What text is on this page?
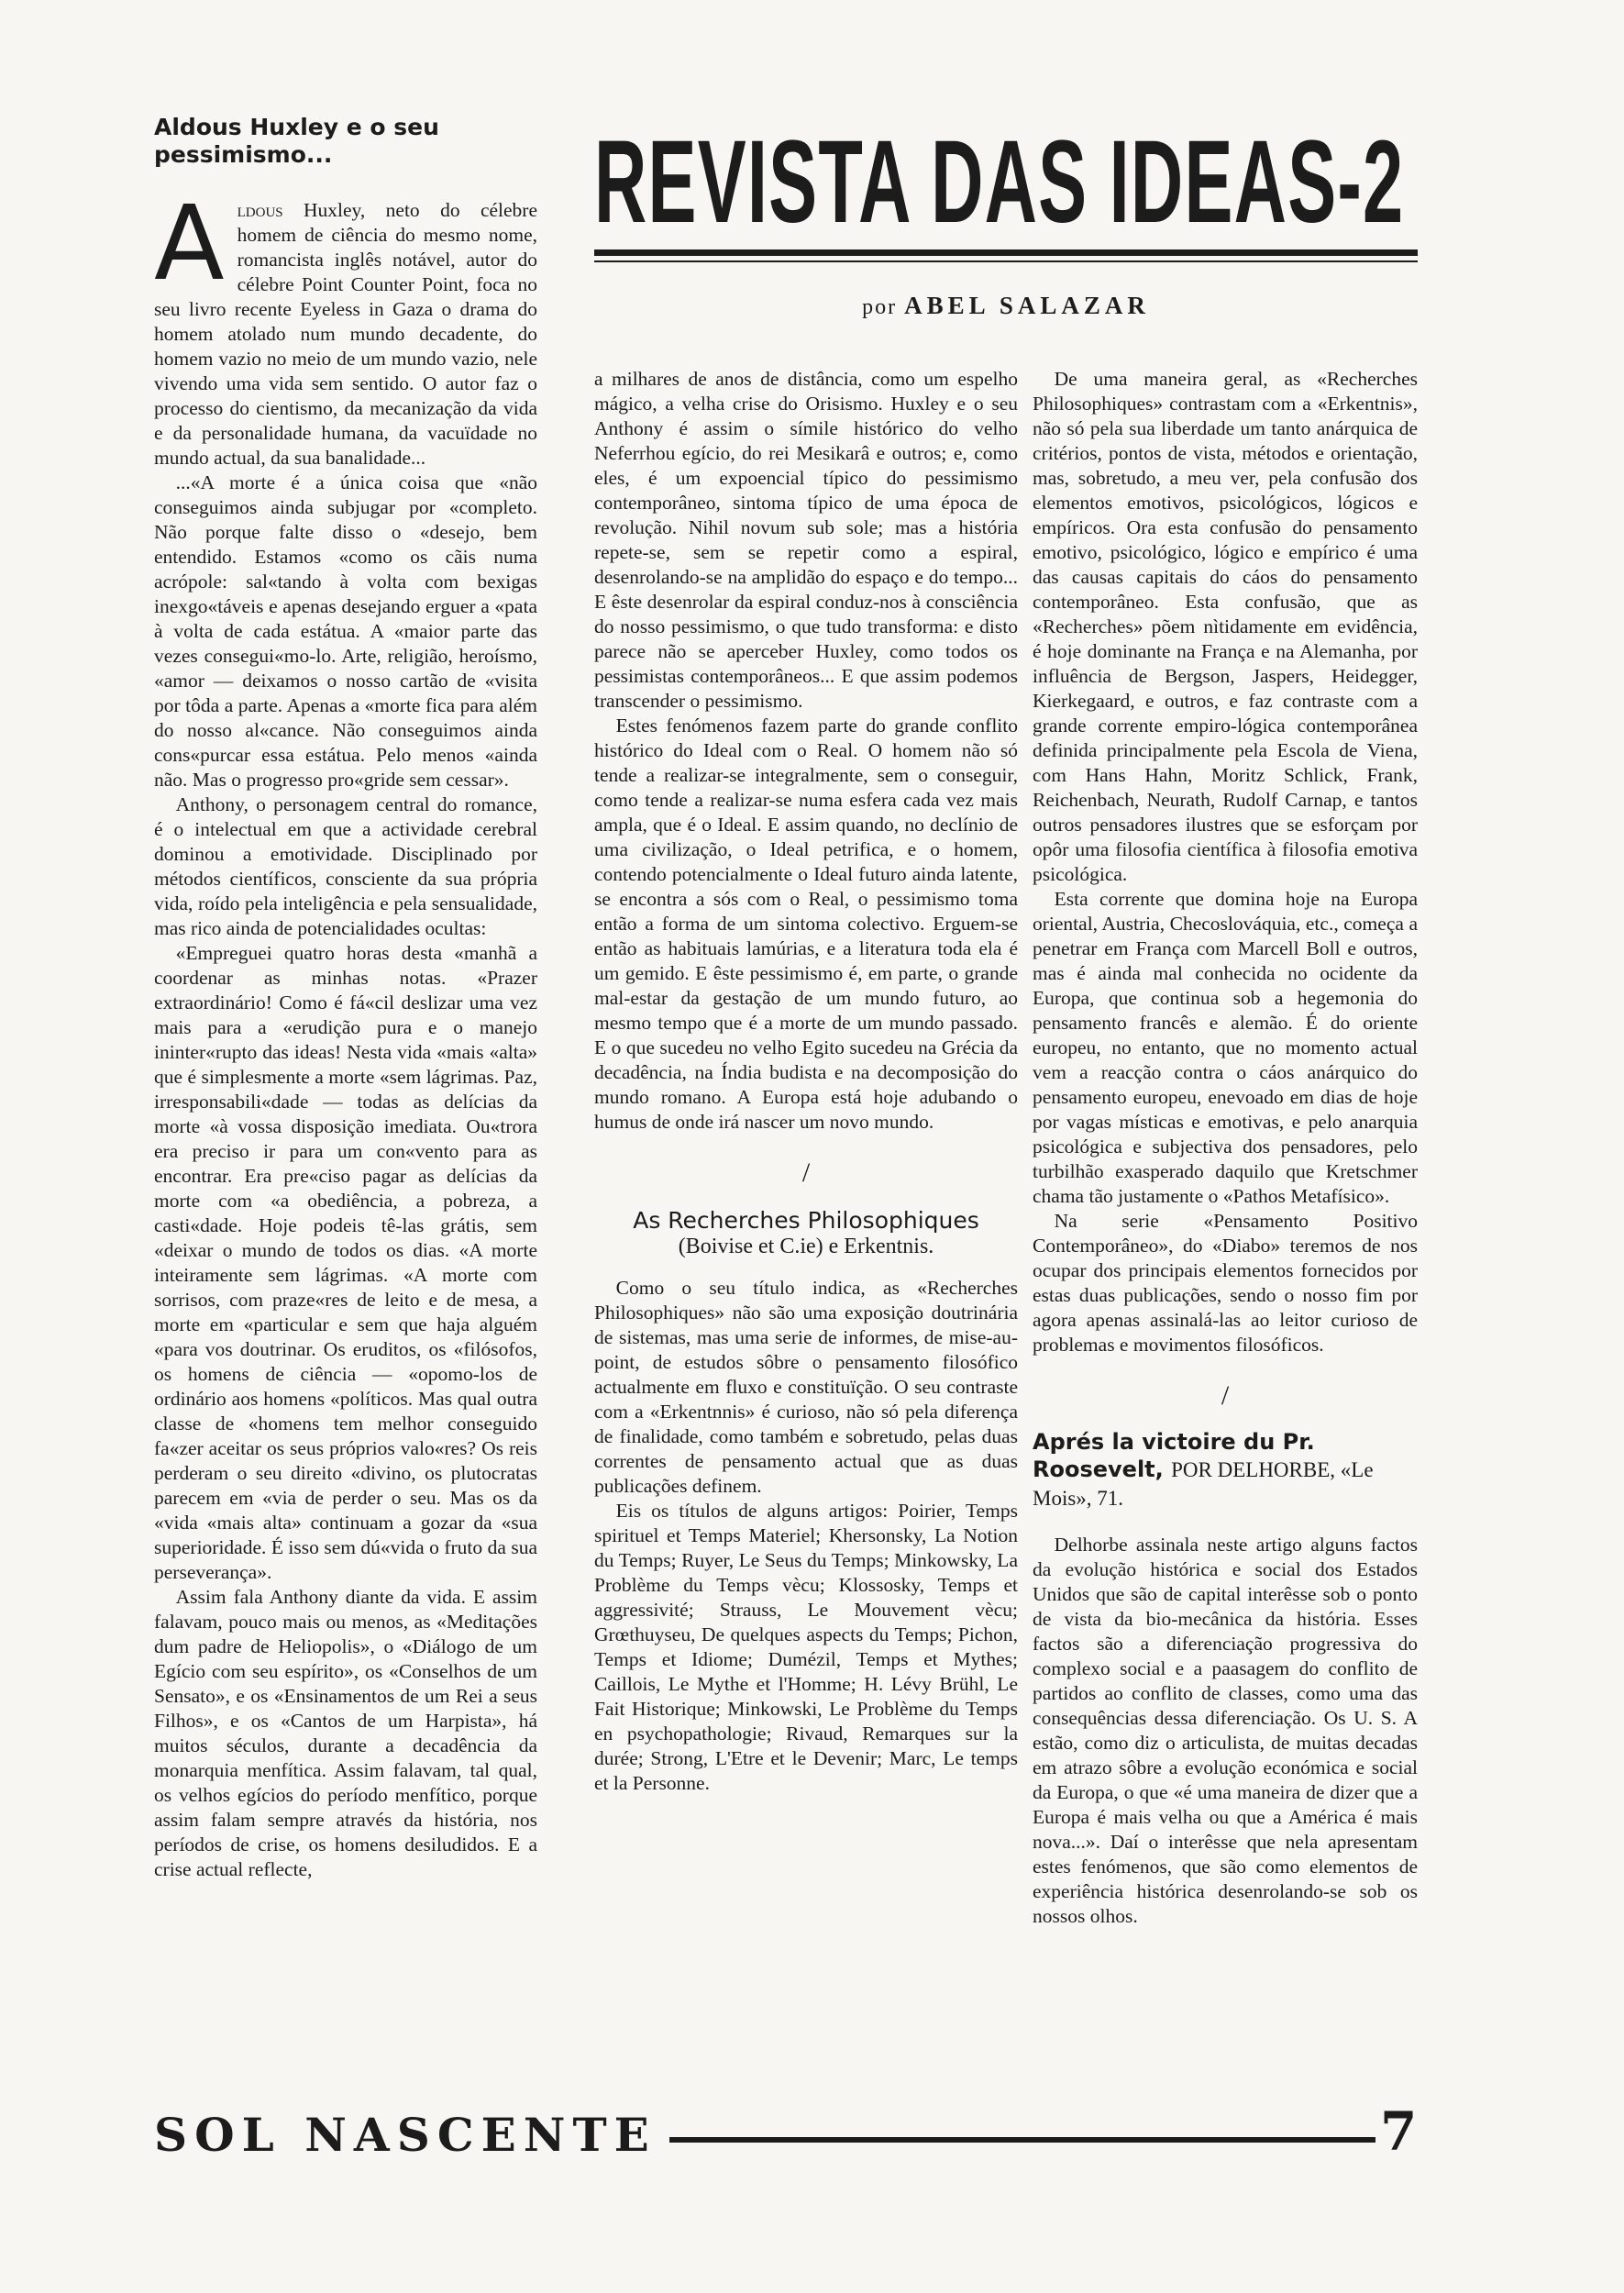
Aldous Huxley e o seu pessimismo...

Aldous Huxley, neto do célebre homem de ciência do mesmo nome, romancista inglês notável, autor do célebre Point Counter Point, foca no seu livro recente Eyeless in Gaza o drama do homem atolado num mundo decadente, do homem vazio no meio de um mundo vazio, nele vivendo uma vida sem sentido. O autor faz o processo do cientismo, da mecanização da vida e da personalidade humana, da vacuïdade no mundo actual, da sua banalidade...

...«A morte é a única coisa que «não conseguimos ainda subjugar por «completo. Não porque falte disso o «desejo, bem entendido. Estamos «como os cãis numa acrópole: sal«tando à volta com bexigas inexgo«táveis e apenas desejando erguer a «pata à volta de cada estátua. A «maior parte das vezes consegui«mo-lo. Arte, religião, heroísmo, «amor — deixamos o nosso cartão de «visita por tôda a parte. Apenas a «morte fica para além do nosso al«cance. Não conseguimos ainda cons«purcar essa estátua. Pelo menos «ainda não. Mas o progresso pro«gride sem cessar».

Anthony, o personagem central do romance, é o intelectual em que a actividade cerebral dominou a emotividade. Disciplinado por métodos científicos, consciente da sua própria vida, roído pela inteligência e pela sensualidade, mas rico ainda de potencialidades ocultas:

«Empreguei quatro horas desta «manhã a coordenar as minhas notas. «Prazer extraordinário! Como é fá«cil deslizar uma vez mais para a «erudição pura e o manejo ininter«rupto das ideas! Nesta vida «mais «alta» que é simplesmente a morte «sem lágrimas. Paz, irresponsabili«dade — todas as delícias da morte «à vossa disposição imediata. Ou«trora era preciso ir para um con«vento para as encontrar. Era pre«ciso pagar as delícias da morte com «a obediência, a pobreza, a casti«dade. Hoje podeis tê-las grátis, sem «deixar o mundo de todos os dias. «A morte inteiramente sem lágrimas. «A morte com sorrisos, com praze«res de leito e de mesa, a morte em «particular e sem que haja alguém «para vos doutrinar. Os eruditos, os «filósofos, os homens de ciência — «opomo-los de ordinário aos homens «políticos. Mas qual outra classe de «homens tem melhor conseguido fa«zer aceitar os seus próprios valo«res? Os reis perderam o seu direito «divino, os plutocratas parecem em «via de perder o seu. Mas os da «vida «mais alta» continuam a gozar da «sua superioridade. É isso sem dú«vida o fruto da sua perseverança».

Assim fala Anthony diante da vida. E assim falavam, pouco mais ou menos, as «Meditações dum padre de Heliopolis», o «Diálogo de um Egício com seu espírito», os «Conselhos de um Sensato», e os «Ensinamentos de um Rei a seus Filhos», e os «Cantos de um Harpista», há muitos séculos, durante a decadência da monarquia menfítica. Assim falavam, tal qual, os velhos egícios do período menfítico, porque assim falam sempre através da história, nos períodos de crise, os homens desiludidos. E a crise actual reflecte,

REVISTA DAS IDEAS-2
por ABEL SALAZAR

a milhares de anos de distância, como um espelho mágico, a velha crise do Orisismo. Huxley e o seu Anthony é assim o símile histórico do velho Neferrhou egício, do rei Mesikarâ e outros; e, como eles, é um expoencial típico do pessimismo contemporâneo, sintoma típico de uma época de revolução. Nihil novum sub sole; mas a história repete-se, sem se repetir como a espiral, desenrolando-se na amplidão do espaço e do tempo... E êste desenrolar da espiral conduz-nos à consciência do nosso pessimismo, o que tudo transforma: e disto parece não se aperceber Huxley, como todos os pessimistas contemporâneos... E que assim podemos transcender o pessimismo.

Estes fenómenos fazem parte do grande conflito histórico do Ideal com o Real. O homem não só tende a realizar-se integralmente, sem o conseguir, como tende a realizar-se numa esfera cada vez mais ampla, que é o Ideal. E assim quando, no declínio de uma civilização, o Ideal petrifica, e o homem, contendo potencialmente o Ideal futuro ainda latente, se encontra a sós com o Real, o pessimismo toma então a forma de um sintoma colectivo. Erguem-se então as habituais lamúrias, e a literatura toda ela é um gemido. E êste pessimismo é, em parte, o grande mal-estar da gestação de um mundo futuro, ao mesmo tempo que é a morte de um mundo passado. E o que sucedeu no velho Egito sucedeu na Grécia da decadência, na Índia budista e na decomposição do mundo romano. A Europa está hoje adubando o humus de onde irá nascer um novo mundo.

/
As Recherches Philosophiques
(Boivise et C.ie) e Erkentnis.

Como o seu título indica, as «Recherches Philosophiques» não são uma exposição doutrinária de sistemas, mas uma serie de informes, de mise-au-point, de estudos sôbre o pensamento filosófico actualmente em fluxo e constituïção. O seu contraste com a «Erkentnnis» é curioso, não só pela diferença de finalidade, como também e sobretudo, pelas duas correntes de pensamento actual que as duas publicações definem.

Eis os títulos de alguns artigos: Poirier, Temps spirituel et Temps Materiel; Khersonsky, La Notion du Temps; Ruyer, Le Seus du Temps; Minkowsky, La Problème du Temps vècu; Klossosky, Temps et aggressivité; Strauss, Le Mouvement vècu; Grœthuyseu, De quelques aspects du Temps; Pichon, Temps et Idiome; Dumézil, Temps et Mythes; Caillois, Le Mythe et l'Homme; H. Lévy Brühl, Le Fait Historique; Minkowski, Le Problème du Temps en psychopathologie; Rivaud, Remarques sur la durée; Strong, L'Etre et le Devenir; Marc, Le temps et la Personne.

De uma maneira geral, as «Recherches Philosophiques» contrastam com a «Erkentnis», não só pela sua liberdade um tanto anárquica de critérios, pontos de vista, métodos e orientação, mas, sobretudo, a meu ver, pela confusão dos elementos emotivos, psicológicos, lógicos e empíricos. Ora esta confusão do pensamento emotivo, psicológico, lógico e empírico é uma das causas capitais do cáos do pensamento contemporâneo. Esta confusão, que as «Recherches» põem nìtidamente em evidência, é hoje dominante na França e na Alemanha, por influência de Bergson, Jaspers, Heidegger, Kierkegaard, e outros, e faz contraste com a grande corrente empiro-lógica contemporânea definida principalmente pela Escola de Viena, com Hans Hahn, Moritz Schlick, Frank, Reichenbach, Neurath, Rudolf Carnap, e tantos outros pensadores ilustres que se esforçam por opôr uma filosofia científica à filosofia emotiva psicológica.

Esta corrente que domina hoje na Europa oriental, Austria, Checoslováquia, etc., começa a penetrar em França com Marcell Boll e outros, mas é ainda mal conhecida no ocidente da Europa, que continua sob a hegemonia do pensamento francês e alemão. É do oriente europeu, no entanto, que no momento actual vem a reacção contra o cáos anárquico do pensamento europeu, enevoado em dias de hoje por vagas místicas e emotivas, e pelo anarquia psicológica e subjectiva dos pensadores, pelo turbilhão exasperado daquilo que Kretschmer chama tão justamente o «Pathos Metafísico».

Na serie «Pensamento Positivo Contemporâneo», do «Diabo» teremos de nos ocupar dos principais elementos fornecidos por estas duas publicações, sendo o nosso fim por agora apenas assinalá-las ao leitor curioso de problemas e movimentos filosóficos.

/
Aprés la victoire du Pr. Roosevelt, POR DELHORBE, «Le Mois», 71.

Delhorbe assinala neste artigo alguns factos da evolução histórica e social dos Estados Unidos que são de capital interêsse sob o ponto de vista da bio-mecânica da história. Esses factos são a diferenciação progressiva do complexo social e a paasagem do conflito de partidos ao conflito de classes, como uma das consequências dessa diferenciação. Os U. S. A estão, como diz o articulista, de muitas decadas em atrazo sôbre a evolução económica e social da Europa, o que «é uma maneira de dizer que a Europa é mais velha ou que a América é mais nova...». Daí o interêsse que nela apresentam estes fenómenos, que são como elementos de experiência histórica desenrolando-se sob os nossos olhos.

SOL NASCENTE	7
